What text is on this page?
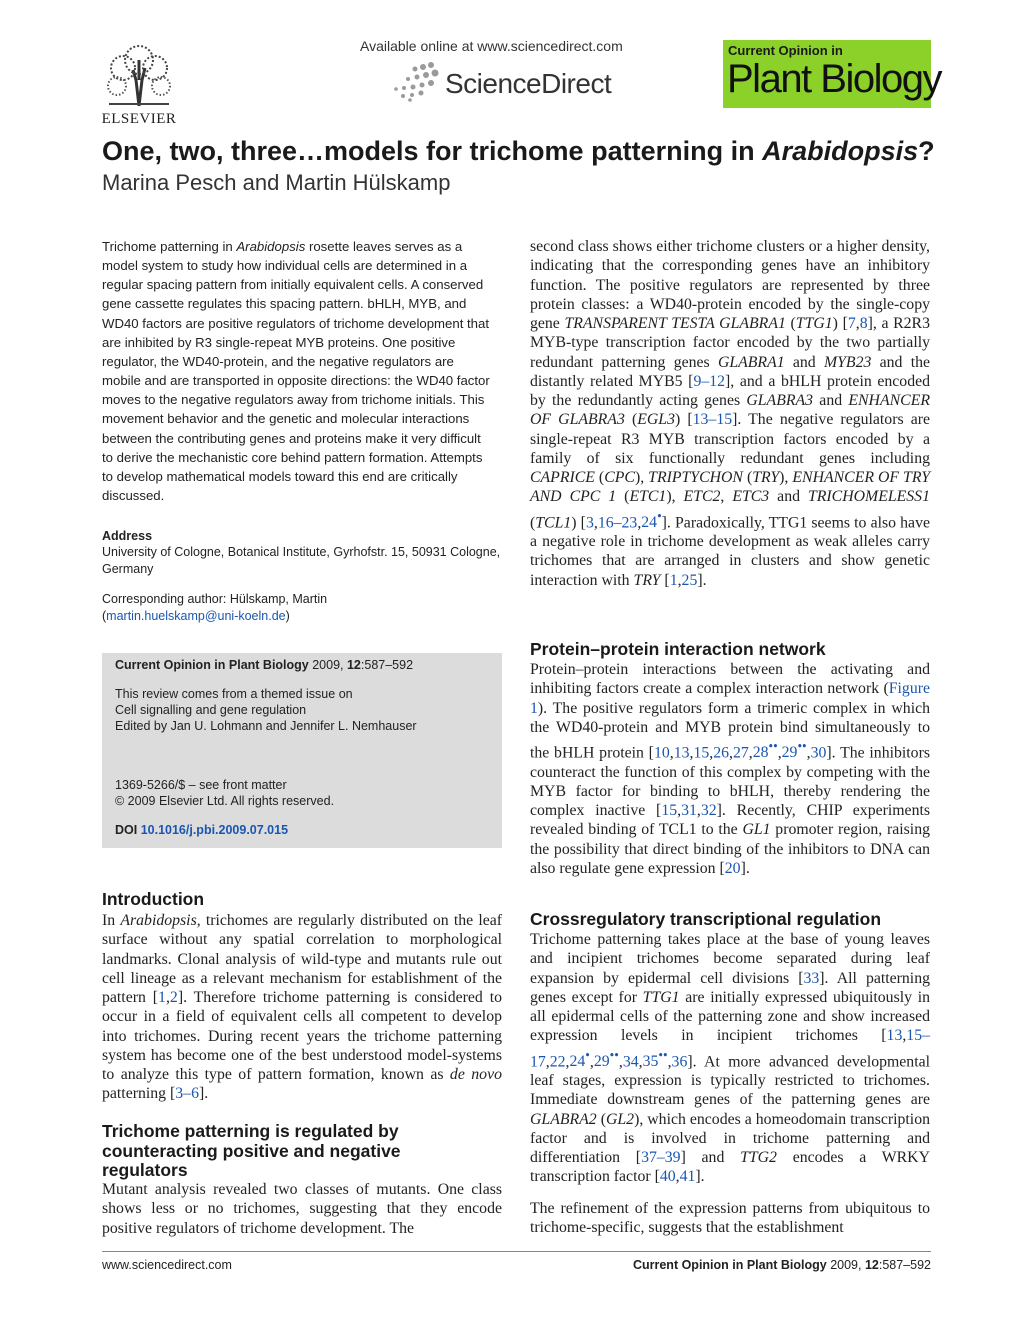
ELSEVIER
Available online at www.sciencedirect.com
ScienceDirect
Current Opinion in
Plant Biology
One, two, three…models for trichome patterning in Arabidopsis?
Marina Pesch and Martin Hülskamp
Trichome patterning in Arabidopsis rosette leaves serves as a model system to study how individual cells are determined in a regular spacing pattern from initially equivalent cells. A conserved gene cassette regulates this spacing pattern. bHLH, MYB, and WD40 factors are positive regulators of trichome development that are inhibited by R3 single-repeat MYB proteins. One positive regulator, the WD40-protein, and the negative regulators are mobile and are transported in opposite directions: the WD40 factor moves to the negative regulators away from trichome initials. This movement behavior and the genetic and molecular interactions between the contributing genes and proteins make it very difficult to derive the mechanistic core behind pattern formation. Attempts to develop mathematical models toward this end are critically discussed.
Address
University of Cologne, Botanical Institute, Gyrhofstr. 15, 50931 Cologne, Germany
Corresponding author: Hülskamp, Martin
(martin.huelskamp@uni-koeln.de)
Current Opinion in Plant Biology 2009, 12:587–592
This review comes from a themed issue on
Cell signalling and gene regulation
Edited by Jan U. Lohmann and Jennifer L. Nemhauser
1369-5266/$ – see front matter
© 2009 Elsevier Ltd. All rights reserved.
DOI 10.1016/j.pbi.2009.07.015
Introduction
In Arabidopsis, trichomes are regularly distributed on the leaf surface without any spatial correlation to morphological landmarks. Clonal analysis of wild-type and mutants rule out cell lineage as a relevant mechanism for establishment of the pattern [1,2]. Therefore trichome patterning is considered to occur in a field of equivalent cells all competent to develop into trichomes. During recent years the trichome patterning system has become one of the best understood model-systems to analyze this type of pattern formation, known as de novo patterning [3–6].
Trichome patterning is regulated by counteracting positive and negative regulators
Mutant analysis revealed two classes of mutants. One class shows less or no trichomes, suggesting that they encode positive regulators of trichome development. The
second class shows either trichome clusters or a higher density, indicating that the corresponding genes have an inhibitory function. The positive regulators are represented by three protein classes: a WD40-protein encoded by the single-copy gene TRANSPARENT TESTA GLABRA1 (TTG1) [7,8], a R2R3 MYB-type transcription factor encoded by the two partially redundant patterning genes GLABRA1 and MYB23 and the distantly related MYB5 [9–12], and a bHLH protein encoded by the redundantly acting genes GLABRA3 and ENHANCER OF GLABRA3 (EGL3) [13–15]. The negative regulators are single-repeat R3 MYB transcription factors encoded by a family of six functionally redundant genes including CAPRICE (CPC), TRIPTYCHON (TRY), ENHANCER OF TRY AND CPC 1 (ETC1), ETC2, ETC3 and TRICHOMELESS1 (TCL1) [3,16–23,24•]. Paradoxically, TTG1 seems to also have a negative role in trichome development as weak alleles carry trichomes that are arranged in clusters and show genetic interaction with TRY [1,25].
Protein–protein interaction network
Protein–protein interactions between the activating and inhibiting factors create a complex interaction network (Figure 1). The positive regulators form a trimeric complex in which the WD40-protein and MYB protein bind simultaneously to the bHLH protein [10,13,15,26,27,28••,29••,30]. The inhibitors counteract the function of this complex by competing with the MYB factor for binding to bHLH, thereby rendering the complex inactive [15,31,32]. Recently, CHIP experiments revealed binding of TCL1 to the GL1 promoter region, raising the possibility that direct binding of the inhibitors to DNA can also regulate gene expression [20].
Crossregulatory transcriptional regulation
Trichome patterning takes place at the base of young leaves and incipient trichomes become separated during leaf expansion by epidermal cell divisions [33]. All patterning genes except for TTG1 are initially expressed ubiquitously in all epidermal cells of the patterning zone and show increased expression levels in incipient trichomes [13,15–17,22,24•,29••,34,35••,36]. At more advanced developmental leaf stages, expression is typically restricted to trichomes. Immediate downstream genes of the patterning genes are GLABRA2 (GL2), which encodes a homeodomain transcription factor and is involved in trichome patterning and differentiation [37–39] and TTG2 encodes a WRKY transcription factor [40,41].
The refinement of the expression patterns from ubiquitous to trichome-specific, suggests that the establishment
www.sciencedirect.com	Current Opinion in Plant Biology 2009, 12:587–592
